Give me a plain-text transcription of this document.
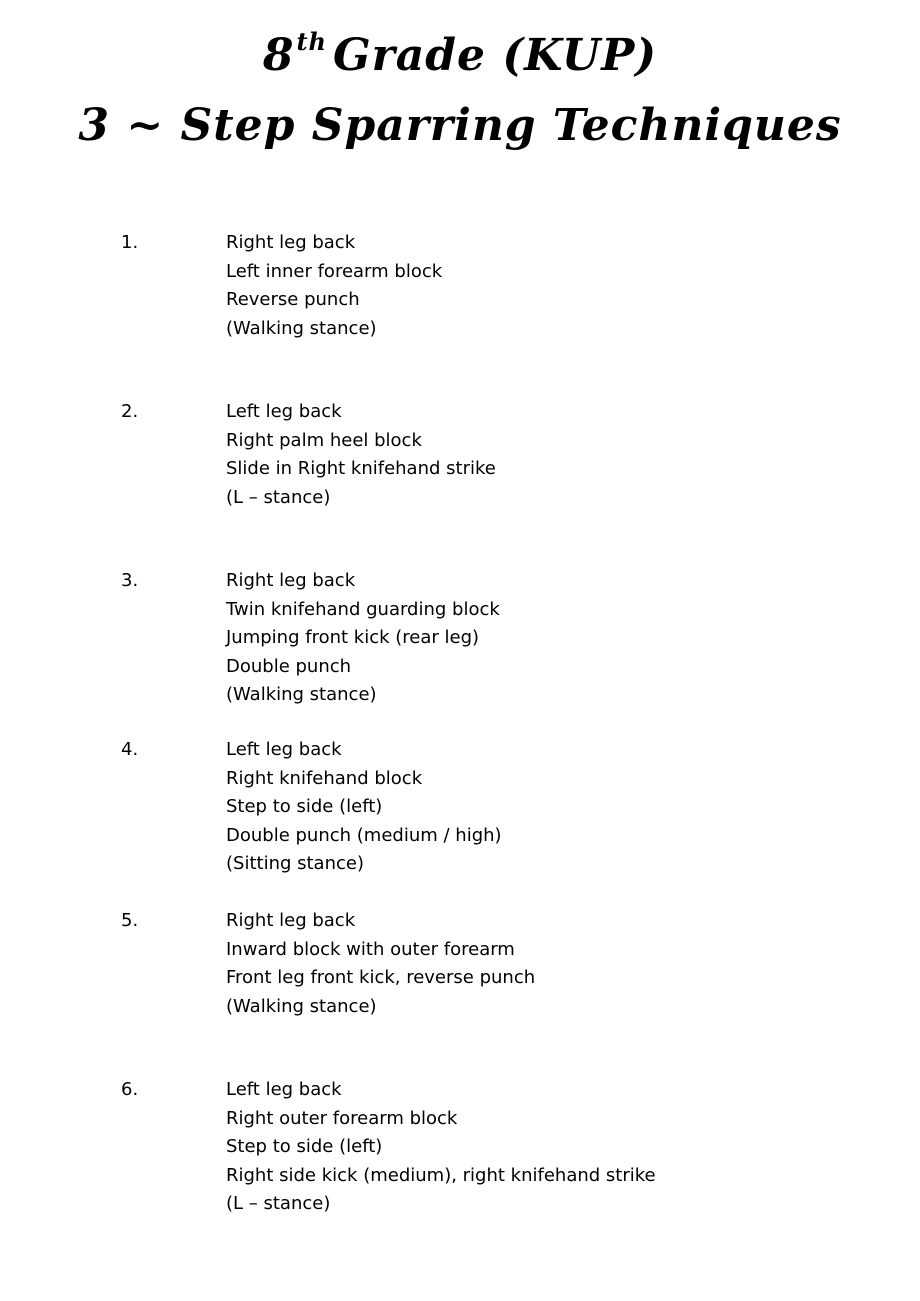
8th Grade (KUP)
3 ~ Step Sparring Techniques
1.	Right leg back
Left inner forearm block
Reverse punch
(Walking stance)
2.	Left leg back
Right palm heel block
Slide in Right knifehand strike
(L – stance)
3.	Right leg back
Twin knifehand guarding block
Jumping front kick (rear leg)
Double punch
(Walking stance)
4.	Left leg back
Right knifehand block
Step to side (left)
Double punch (medium / high)
(Sitting stance)
5.	Right leg back
Inward block with outer forearm
Front leg front kick, reverse punch
(Walking stance)
6.	Left leg back
Right outer forearm block
Step to side (left)
Right side kick (medium), right knifehand strike
(L – stance)
